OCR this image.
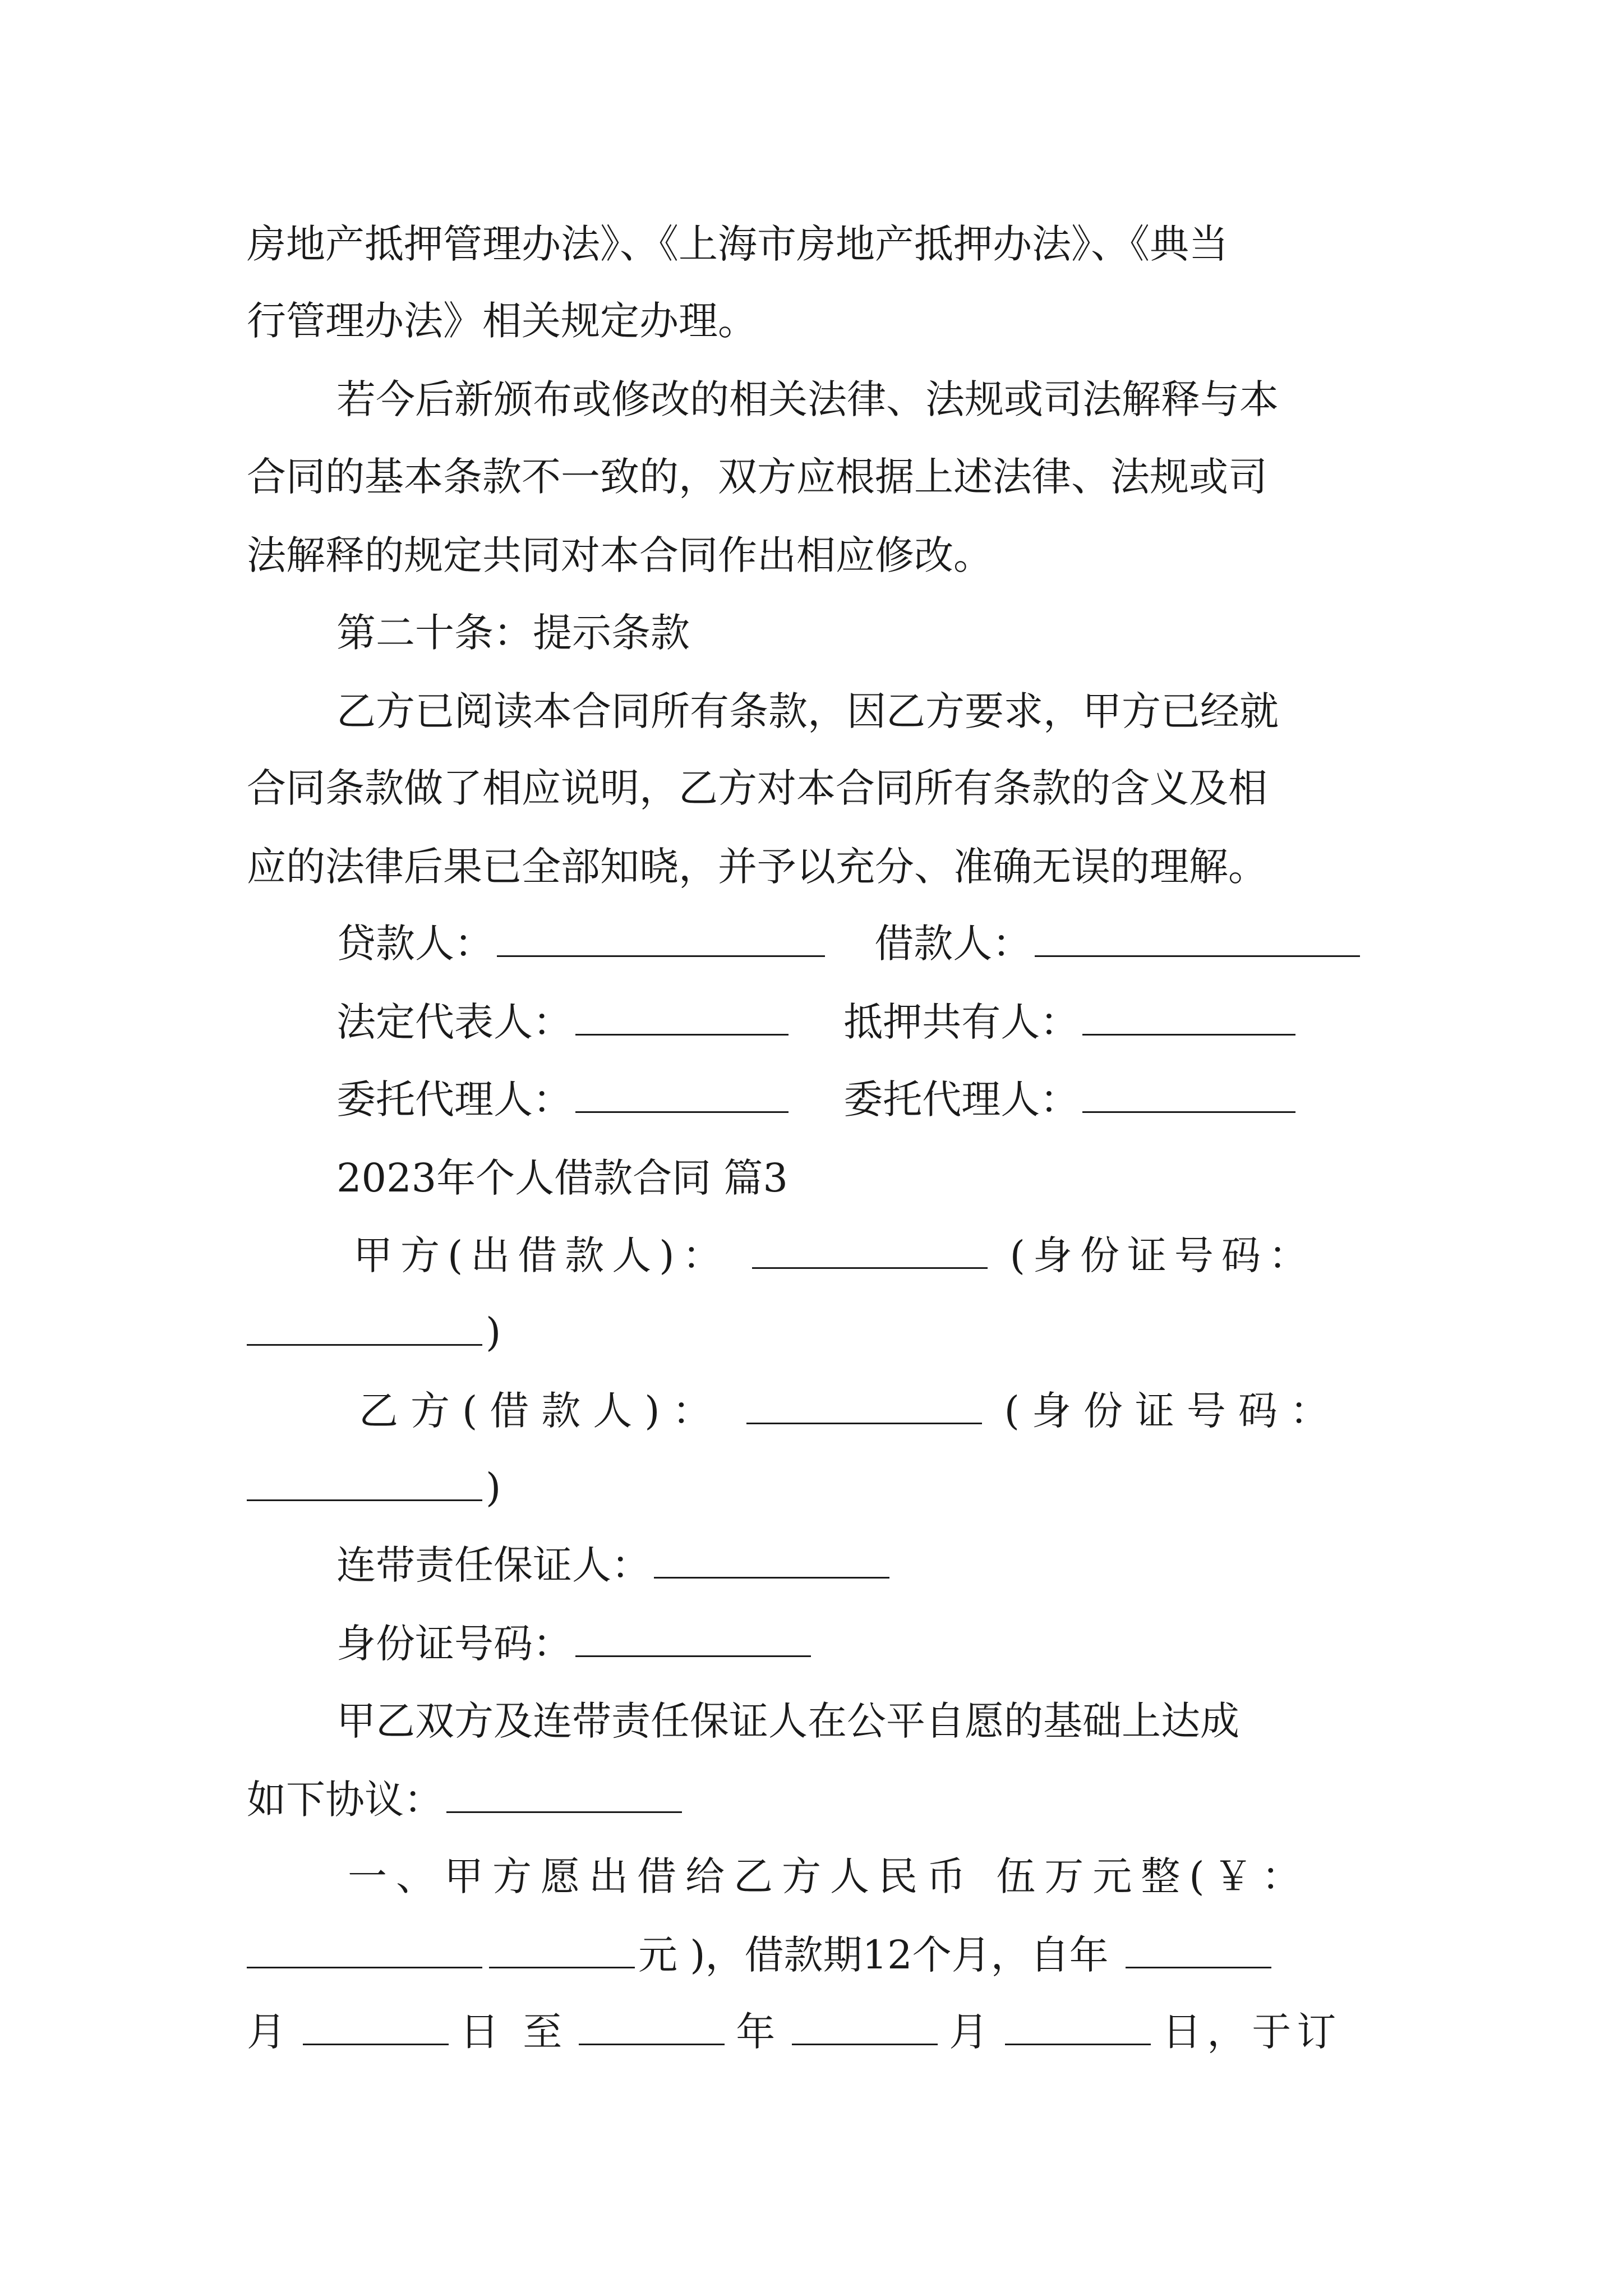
房地产抵押管理办法》、《上海市房地产抵押办法》、《典当
行管理办法》相关规定办理。
若今后新颁布或修改的相关法律、法规或司法解释与本
合同的基本条款不一致的，双方应根据上述法律、法规或司
法解释的规定共同对本合同作出相应修改。
第二十条：提示条款
乙方已阅读本合同所有条款，因乙方要求，甲方已经就
合同条款做了相应说明，乙方对本合同所有条款的含义及相
应的法律后果已全部知晓，并予以充分、准确无误的理解。
贷款人：	借款人：
法定代表人：	抵押共有人：
委托代理人：	委托代理人：
2023年个人借款合同 篇3
甲方(出借款人)：	(身份证号码：
)
乙方(借款人)：	(身份证号码：
)
连带责任保证人：
身份证号码：
甲乙双方及连带责任保证人在公平自愿的基础上达成
如下协议：
一、甲方愿出借给乙方人民币 伍万元整(￥：
元 )，借款期12个月，自年
月	日 至	年	月	日，于订
